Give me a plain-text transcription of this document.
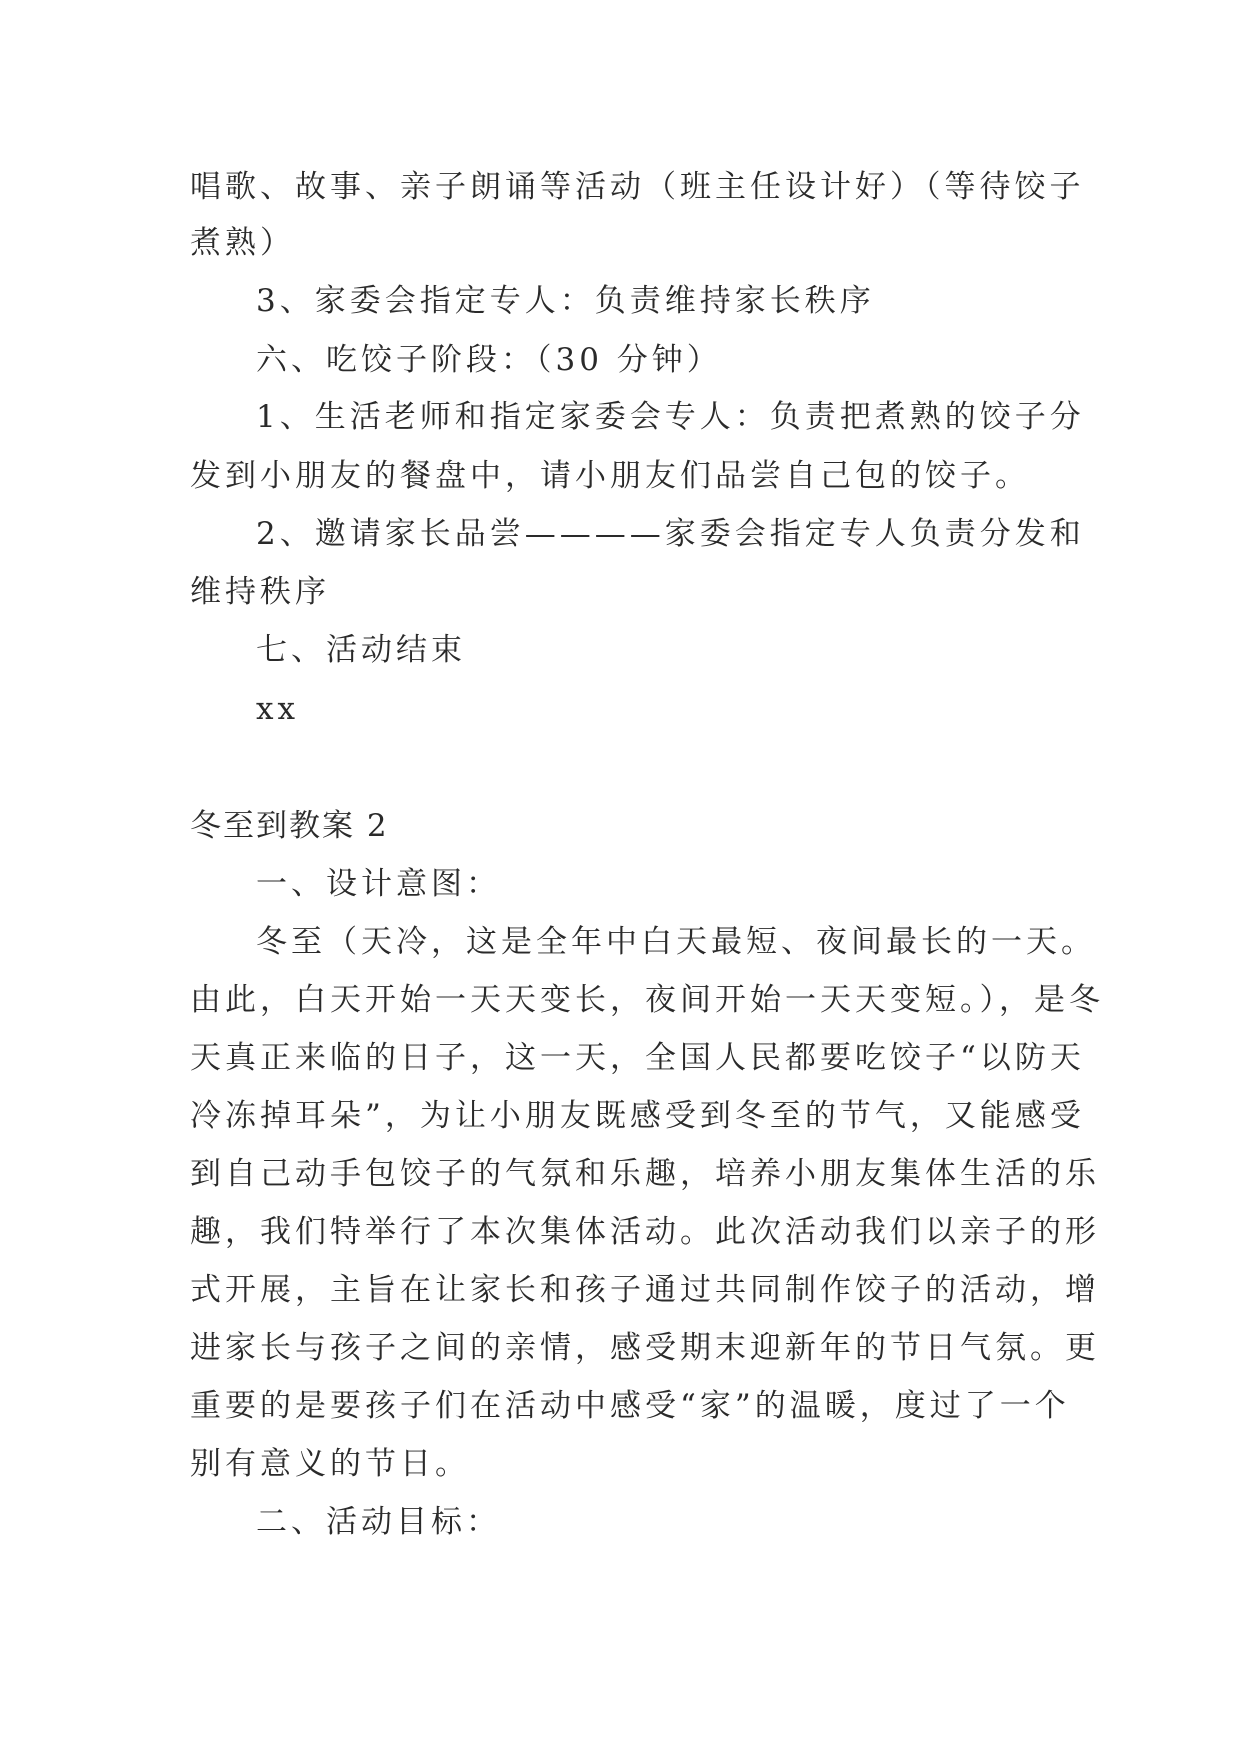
唱歌、故事、亲子朗诵等活动（班主任设计好）（等待饺子
煮熟）
3、家委会指定专人：负责维持家长秩序
六、吃饺子阶段：（30 分钟）
1、生活老师和指定家委会专人：负责把煮熟的饺子分
发到小朋友的餐盘中，请小朋友们品尝自己包的饺子。
2、邀请家长品尝————家委会指定专人负责分发和
维持秩序
七、活动结束
xx
冬至到教案 2
一、设计意图：
冬至（天冷，这是全年中白天最短、夜间最长的一天。
由此，白天开始一天天变长，夜间开始一天天变短。），是冬
天真正来临的日子，这一天，全国人民都要吃饺子“以防天
冷冻掉耳朵”，为让小朋友既感受到冬至的节气，又能感受
到自己动手包饺子的气氛和乐趣，培养小朋友集体生活的乐
趣，我们特举行了本次集体活动。此次活动我们以亲子的形
式开展，主旨在让家长和孩子通过共同制作饺子的活动，增
进家长与孩子之间的亲情，感受期末迎新年的节日气氛。更
重要的是要孩子们在活动中感受“家”的温暖，度过了一个
别有意义的节日。
二、活动目标：
